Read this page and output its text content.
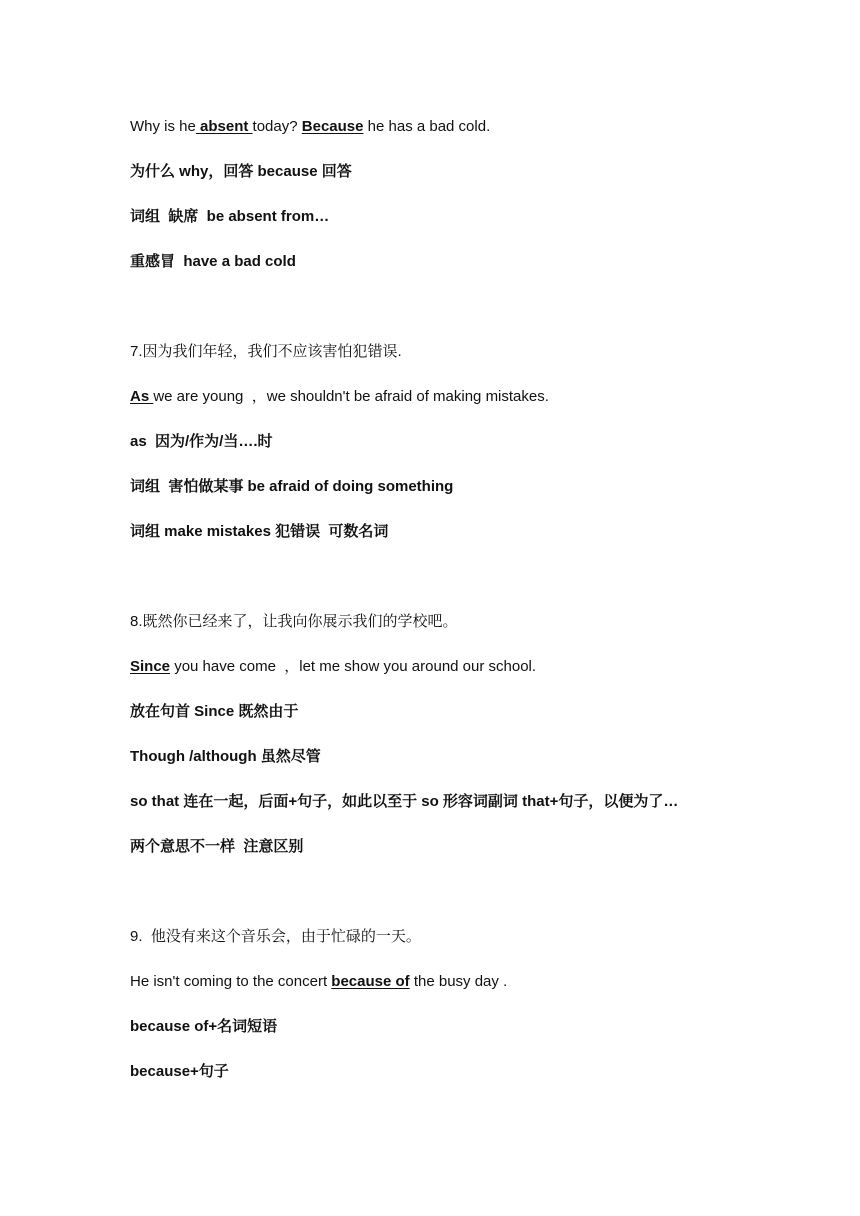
Why is he absent today? Because he has a bad cold.
为什么 why，回答 because 回答
词组  缺席  be absent from…
重感冒  have a bad cold
7.因为我们年轻，我们不应该害怕犯错误.
As we are young  ，we shouldn't be afraid of making mistakes.
as  因为/作为/当….时
词组  害怕做某事 be afraid of doing something
词组 make mistakes 犯错误  可数名词
8.既然你已经来了，让我向你展示我们的学校吧。
Since you have come  ，let me show you around our school.
放在句首 Since 既然由于
Though /although 虽然尽管
so that 连在一起，后面+句子，如此以至于 so 形容词副词 that+句子，以便为了…
两个意思不一样  注意区别
9.  他没有来这个音乐会，由于忙碌的一天。
He isn't coming to the concert because of the busy day .
because of+名词短语
because+句子
